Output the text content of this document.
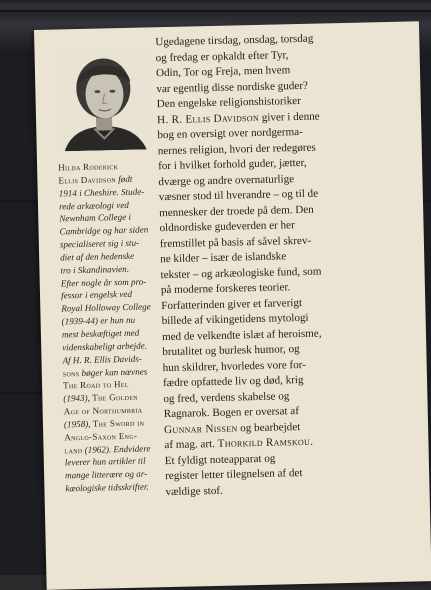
Hilda Roderick
Ellis Davidson født
1914 i Cheshire. Stude-
rede arkæologi ved
Newnham College i
Cambridge og har siden
specialiseret sig i stu-
diet af den hedenske
tro i Skandinavien.
Efter nogle år som pro-
fessor i engelsk ved
Royal Holloway College
(1939-44) er hun nu
mest beskæftiget med
videnskabeligt arbejde.
Af H. R. Ellis Davids-
sons bøger kan nævnes
The Road to Hel
(1943), The Golden
Age of Northumbria
(1958), The Sword in
Anglo-Saxon Eng-
land (1962). Endvidere
leverer hun artikler til
mange litterære og ar-
kæologiske tidsskrifter.
Ugedagene tirsdag, onsdag, torsdag
og fredag er opkaldt efter Tyr,
Odin, Tor og Freja, men hvem
var egentlig disse nordiske guder?
Den engelske religionshistoriker
H. R. Ellis Davidson giver i denne
bog en oversigt over nordgerma-
nernes religion, hvori der redegøres
for i hvilket forhold guder, jætter,
dværge og andre overnaturlige
væsner stod til hverandre – og til de
mennesker der troede på dem. Den
oldnordiske gudeverden er her
fremstillet på basis af såvel skrev-
ne kilder – især de islandske
tekster – og arkæologiske fund, som
på moderne forskeres teorier.
Forfatterinden giver et farverigt
billede af vikingetidens mytologi
med de velkendte islæt af heroisme,
brutalitet og burlesk humor, og
hun skildrer, hvorledes vore for-
fædre opfattede liv og død, krig
og fred, verdens skabelse og
Ragnarok. Bogen er oversat af
Gunnar Nissen og bearbejdet
af mag. art. Thorkild Ramskou.
Et fyldigt noteapparat og
register letter tilegnelsen af det
vældige stof.
